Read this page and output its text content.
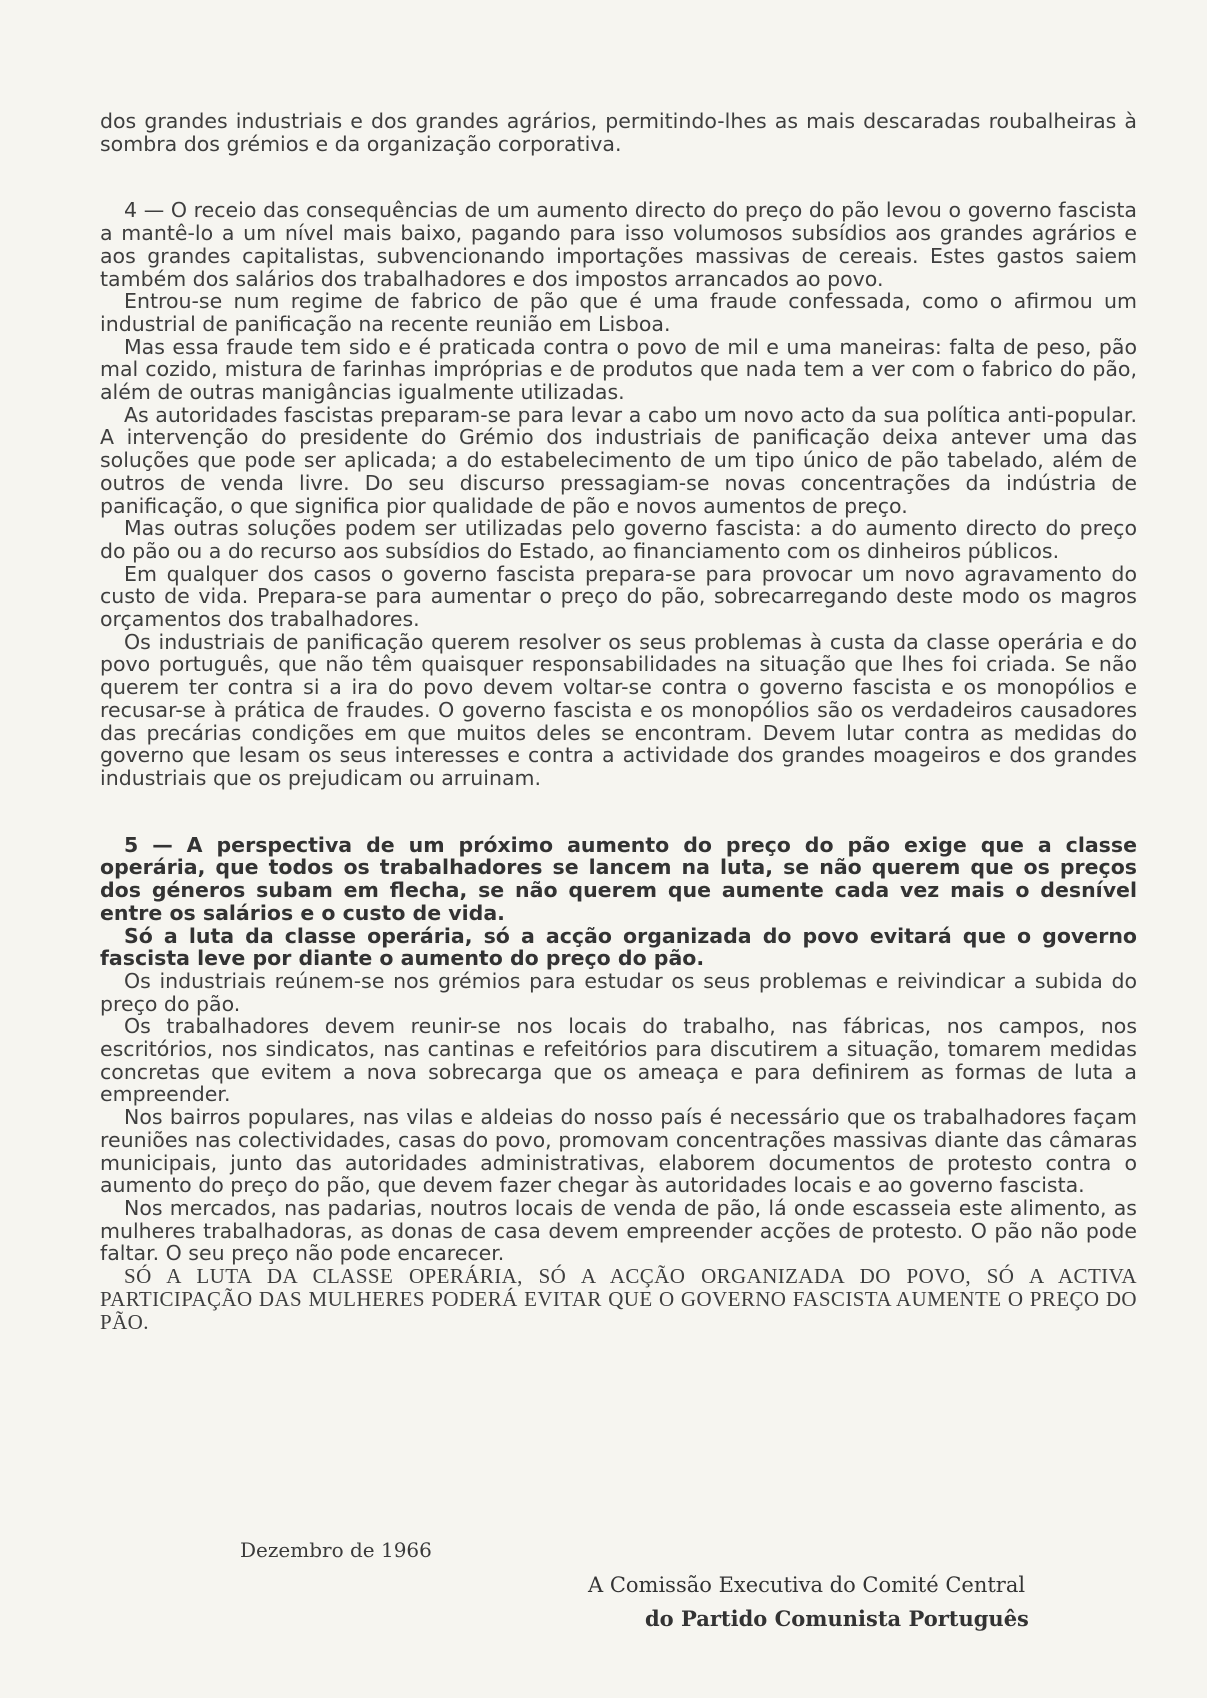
dos grandes industriais e dos grandes agrários, permitindo-lhes as mais descaradas roubalheiras à sombra dos grémios e da organização corporativa.

4 — O receio das consequências de um aumento directo do preço do pão levou o governo fascista a mantê-lo a um nível mais baixo, pagando para isso volumosos subsídios aos grandes agrários e aos grandes capitalistas, subvencionando importações massivas de cereais. Estes gastos saiem também dos salários dos trabalhadores e dos impostos arrancados ao povo.

Entrou-se num regime de fabrico de pão que é uma fraude confessada, como o afirmou um industrial de panificação na recente reunião em Lisboa.

Mas essa fraude tem sido e é praticada contra o povo de mil e uma maneiras: falta de peso, pão mal cozido, mistura de farinhas impróprias e de produtos que nada tem a ver com o fabrico do pão, além de outras manigâncias igualmente utilizadas.

As autoridades fascistas preparam-se para levar a cabo um novo acto da sua política anti-popular. A intervenção do presidente do Grémio dos industriais de panificação deixa antever uma das soluções que pode ser aplicada; a do estabelecimento de um tipo único de pão tabelado, além de outros de venda livre. Do seu discurso pressagiam-se novas concentrações da indústria de panificação, o que significa pior qualidade de pão e novos aumentos de preço.

Mas outras soluções podem ser utilizadas pelo governo fascista: a do aumento directo do preço do pão ou a do recurso aos subsídios do Estado, ao financiamento com os dinheiros públicos.

Em qualquer dos casos o governo fascista prepara-se para provocar um novo agravamento do custo de vida. Prepara-se para aumentar o preço do pão, sobrecarregando deste modo os magros orçamentos dos trabalhadores.

Os industriais de panificação querem resolver os seus problemas à custa da classe operária e do povo português, que não têm quaisquer responsabilidades na situação que lhes foi criada. Se não querem ter contra si a ira do povo devem voltar-se contra o governo fascista e os monopólios e recusar-se à prática de fraudes. O governo fascista e os monopólios são os verdadeiros causadores das precárias condições em que muitos deles se encontram. Devem lutar contra as medidas do governo que lesam os seus interesses e contra a actividade dos grandes moageiros e dos grandes industriais que os prejudicam ou arruinam.

5 — A perspectiva de um próximo aumento do preço do pão exige que a classe operária, que todos os trabalhadores se lancem na luta, se não querem que os preços dos géneros subam em flecha, se não querem que aumente cada vez mais o desnível entre os salários e o custo de vida.

Só a luta da classe operária, só a acção organizada do povo evitará que o governo fascista leve por diante o aumento do preço do pão.

Os industriais reúnem-se nos grémios para estudar os seus problemas e reivindicar a subida do preço do pão.

Os trabalhadores devem reunir-se nos locais do trabalho, nas fábricas, nos campos, nos escritórios, nos sindicatos, nas cantinas e refeitórios para discutirem a situação, tomarem medidas concretas que evitem a nova sobrecarga que os ameaça e para definirem as formas de luta a empreender.

Nos bairros populares, nas vilas e aldeias do nosso país é necessário que os trabalhadores façam reuniões nas colectividades, casas do povo, promovam concentrações massivas diante das câmaras municipais, junto das autoridades administrativas, elaborem documentos de protesto contra o aumento do preço do pão, que devem fazer chegar às autoridades locais e ao governo fascista.

Nos mercados, nas padarias, noutros locais de venda de pão, lá onde escasseia este alimento, as mulheres trabalhadoras, as donas de casa devem empreender acções de protesto. O pão não pode faltar. O seu preço não pode encarecer.

SÓ A LUTA DA CLASSE OPERÁRIA, SÓ A ACÇÃO ORGANIZADA DO POVO, SÓ A ACTIVA PARTICIPAÇÃO DAS MULHERES PODERÁ EVITAR QUE O GOVERNO FASCISTA AUMENTE O PREÇO DO PÃO.

Dezembro de 1966
A Comissão Executiva do Comité Central
do Partido Comunista Português
